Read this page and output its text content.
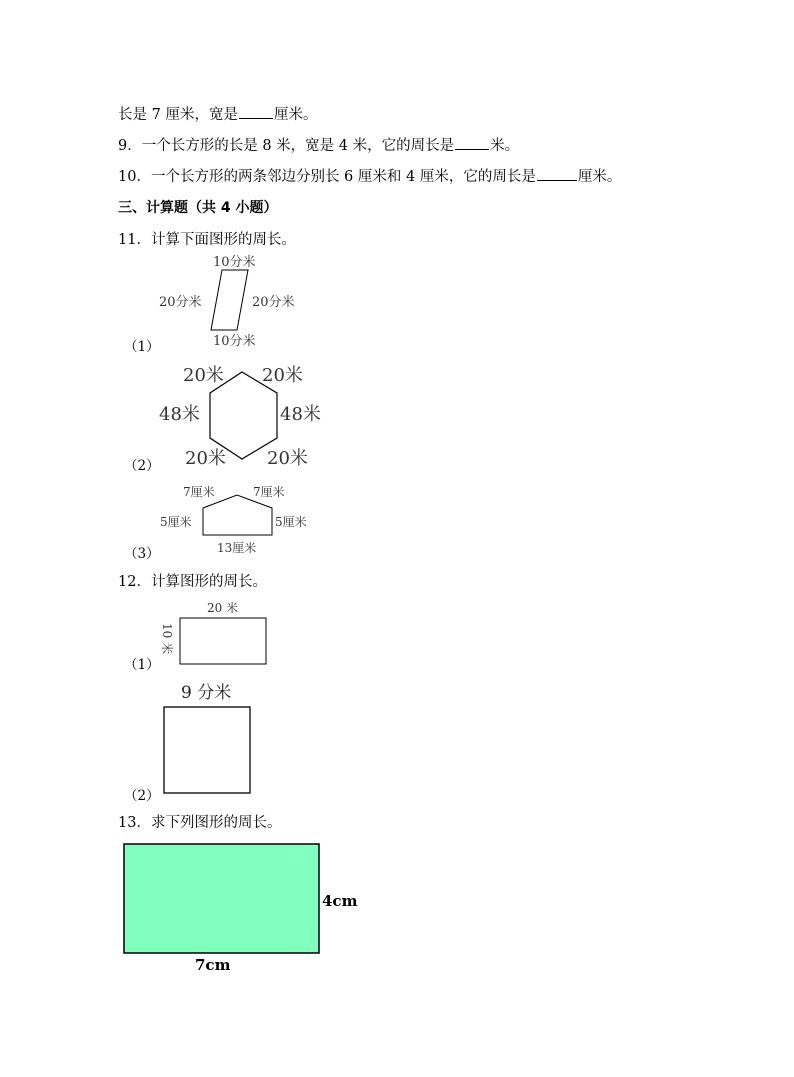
长是 7 厘米，宽是 厘米。
9．一个长方形的长是 8 米，宽是 4 米，它的周长是 米。
10．一个长方形的两条邻边分别长 6 厘米和 4 厘米，它的周长是	厘米。
三、计算题（共 4 小题）
11．计算下面图形的周长。
（1）
10分米
20分米	20分米
10分米
（2）
20米 20米
48米	48米
20米 20米
（3）
7厘米	7厘米
5厘米	5厘米
13厘米
12．计算图形的周长。
（1）
20 米
10 米
（2）
9 分米
13．求下列图形的周长。
4cm
7cm
